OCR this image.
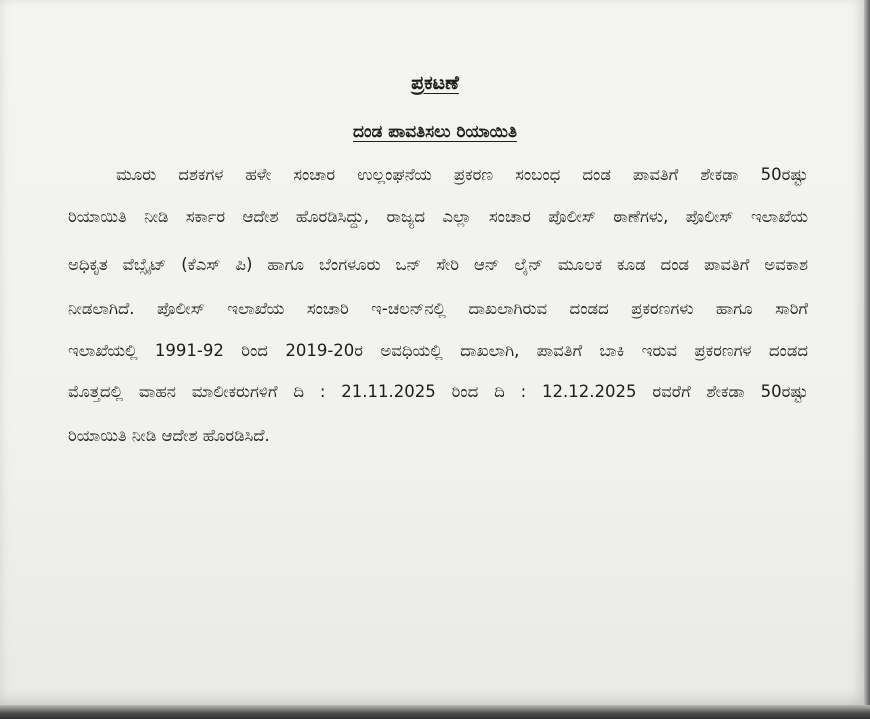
ಪ್ರಕಟಣೆ
ದಂಡ ಪಾವತಿಸಲು ರಿಯಾಯಿತಿ
ಮೂರು ದಶಕಗಳ ಹಳೇ ಸಂಚಾರ ಉಲ್ಲಂಘನೆಯ ಪ್ರಕರಣ ಸಂಬಂಧ ದಂಡ ಪಾವತಿಗೆ ಶೇಕಡಾ 50ರಷ್ಟು
ರಿಯಾಯಿತಿ ನೀಡಿ ಸರ್ಕಾರ ಆದೇಶ ಹೊರಡಿಸಿದ್ದು, ರಾಜ್ಯದ ಎಲ್ಲಾ ಸಂಚಾರ ಪೊಲೀಸ್ ಠಾಣೆಗಳು, ಪೊಲೀಸ್ ಇಲಾಖೆಯ
ಅಧಿಕೃತ ವೆಬ್ಸೈಟ್ (ಕೆಎಸ್ ಪಿ) ಹಾಗೂ ಬೆಂಗಳೂರು ಒನ್ ಸೇರಿ ಆನ್ ಲೈನ್ ಮೂಲಕ ಕೂಡ ದಂಡ ಪಾವತಿಗೆ ಅವಕಾಶ
ನೀಡಲಾಗಿದೆ. ಪೊಲೀಸ್ ಇಲಾಖೆಯ ಸಂಚಾರಿ ಇ-ಚಲನ್‌ನಲ್ಲಿ ದಾಖಲಾಗಿರುವ ದಂಡದ ಪ್ರಕರಣಗಳು ಹಾಗೂ ಸಾರಿಗೆ
ಇಲಾಖೆಯಲ್ಲಿ 1991-92 ರಿಂದ 2019-20ರ ಅವಧಿಯಲ್ಲಿ ದಾಖಲಾಗಿ, ಪಾವತಿಗೆ ಬಾಕಿ ಇರುವ ಪ್ರಕರಣಗಳ ದಂಡದ
ಮೊತ್ತದಲ್ಲಿ ವಾಹನ ಮಾಲೀಕರುಗಳಿಗೆ ದಿ : 21.11.2025 ರಿಂದ ದಿ : 12.12.2025 ರವರೆಗೆ ಶೇಕಡಾ 50ರಷ್ಟು
ರಿಯಾಯಿತಿ ನೀಡಿ ಆದೇಶ ಹೊರಡಿಸಿದೆ.
